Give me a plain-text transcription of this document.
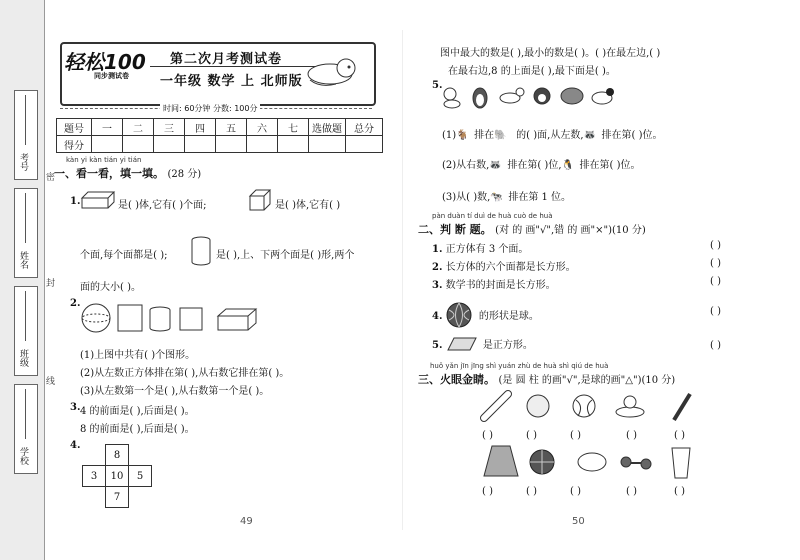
考号
姓名
班级
学校
密
封
线
轻松100
同步测试卷
第二次月考测试卷
一年级 数学 上 北师版
时间: 60分钟 分数: 100分
题号	一	二	三	四	五	六	七	选做题	总分
得分									
kàn yi kàn tián yi tián
一、看一看，填一填。 (28 分)
1.	是( )体,它有( )个面;	是( )体,它有( )
个面,每个面都是( );	是( ),上、下两个面是( )形,两个
面的大小( )。
2.
(1)上图中共有( )个图形。
(2)从左数正方体排在第( ),从右数它排在第( )。
(3)从左数第一个是( ),从右数第一个是( )。
3. 4 的前面是( ),后面是( )。
8 的前面是( ),后面是( )。
4.
	8	
3	10	5
	7	
49
图中最大的数是( ),最小的数是( )。( )在最左边,( )
在最右边,8 的上面是( ),最下面是( )。
5.
(1)🐐 排在🐘 的( )面,从左数,🦝 排在第( )位。
(2)从右数,🦝 排在第( )位,🐧 排在第( )位。
(3)从( )数,🐄 排在第 1 位。
pàn duàn tí duì de huà cuò de huà
二、判 断 题。 (对 的 画"√",错 的 画"×")(10 分)
1. 正方体有 3 个面。	( )
2. 长方体的六个面都是长方形。	( )
3. 数学书的封面是长方形。	( )
4.	的形状是球。	( )
5.	是正方形。	( )
huǒ yǎn jīn jīng shì yuán zhù de huà shì qiú de huà
三、火眼金睛。 (是 圆 柱 的画"√",是球的画"△")(10 分)
( )	( )	( )	( )	( )
( )	( )	( )	( )	( )
50
